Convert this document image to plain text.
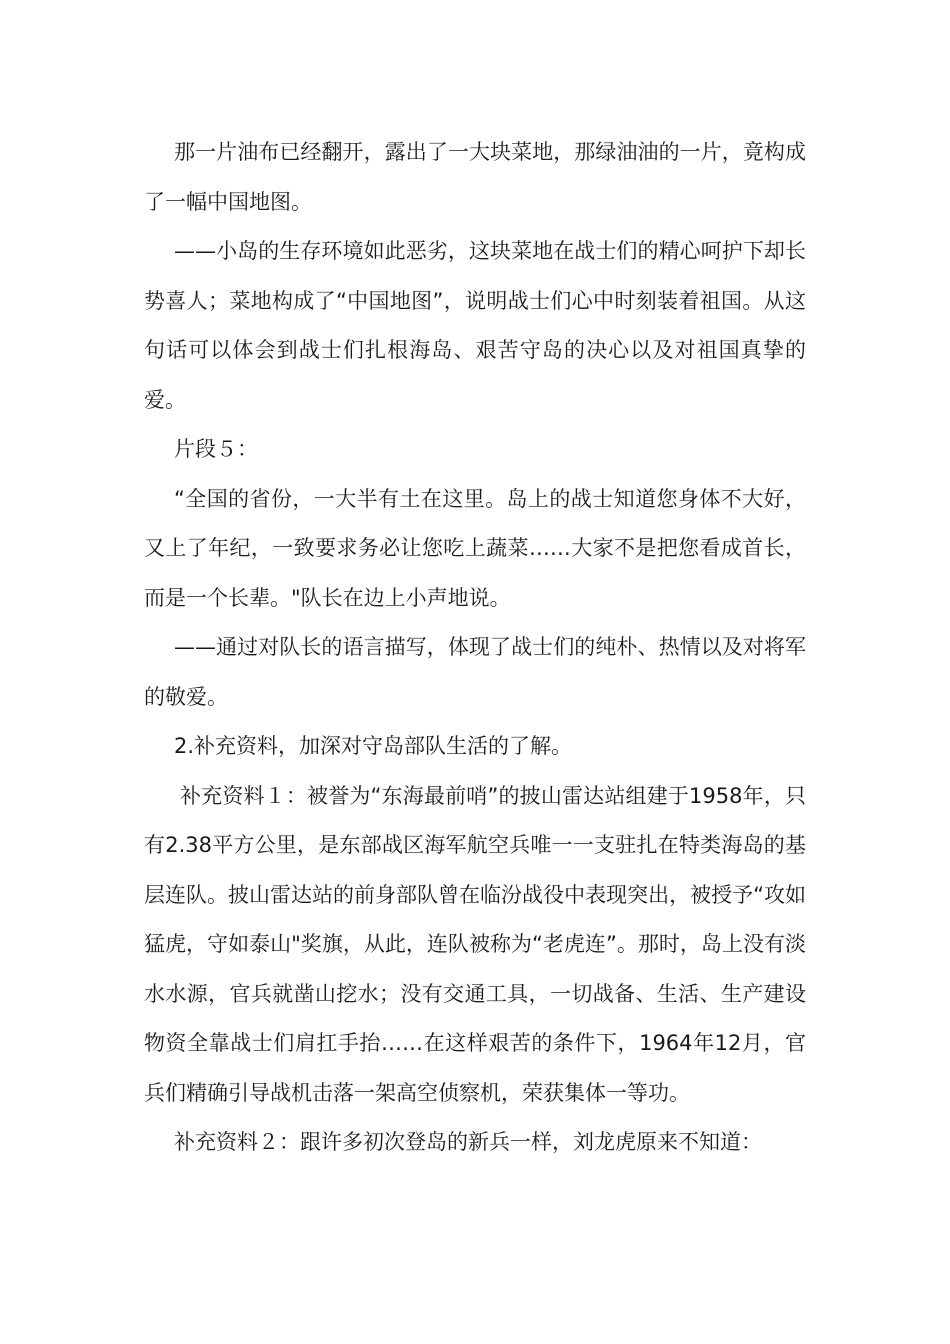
那一片油布已经翻开，露出了一大块菜地，那绿油油的一片，竟构成了一幅中国地图。

——小岛的生存环境如此恶劣，这块菜地在战士们的精心呵护下却长势喜人；菜地构成了“中国地图”，说明战士们心中时刻装着祖国。从这句话可以体会到战士们扎根海岛、艰苦守岛的决心以及对祖国真挚的爱。

片段５：

“全国的省份，一大半有土在这里。岛上的战士知道您身体不大好，又上了年纪，一致要求务必让您吃上蔬菜……大家不是把您看成首长，而是一个长辈。"队长在边上小声地说。

——通过对队长的语言描写，体现了战士们的纯朴、热情以及对将军的敬爱。

2.补充资料，加深对守岛部队生活的了解。

补充资料１：被誉为“东海最前哨”的披山雷达站组建于1958年，只有2.38平方公里，是东部战区海军航空兵唯一一支驻扎在特类海岛的基层连队。披山雷达站的前身部队曾在临汾战役中表现突出，被授予“攻如猛虎，守如泰山"奖旗，从此，连队被称为“老虎连”。那时，岛上没有淡水水源，官兵就凿山挖水；没有交通工具，一切战备、生活、生产建设物资全靠战士们肩扛手抬……在这样艰苦的条件下，1964年12月，官兵们精确引导战机击落一架高空侦察机，荣获集体一等功。

补充资料２：跟许多初次登岛的新兵一样，刘龙虎原来不知道：
